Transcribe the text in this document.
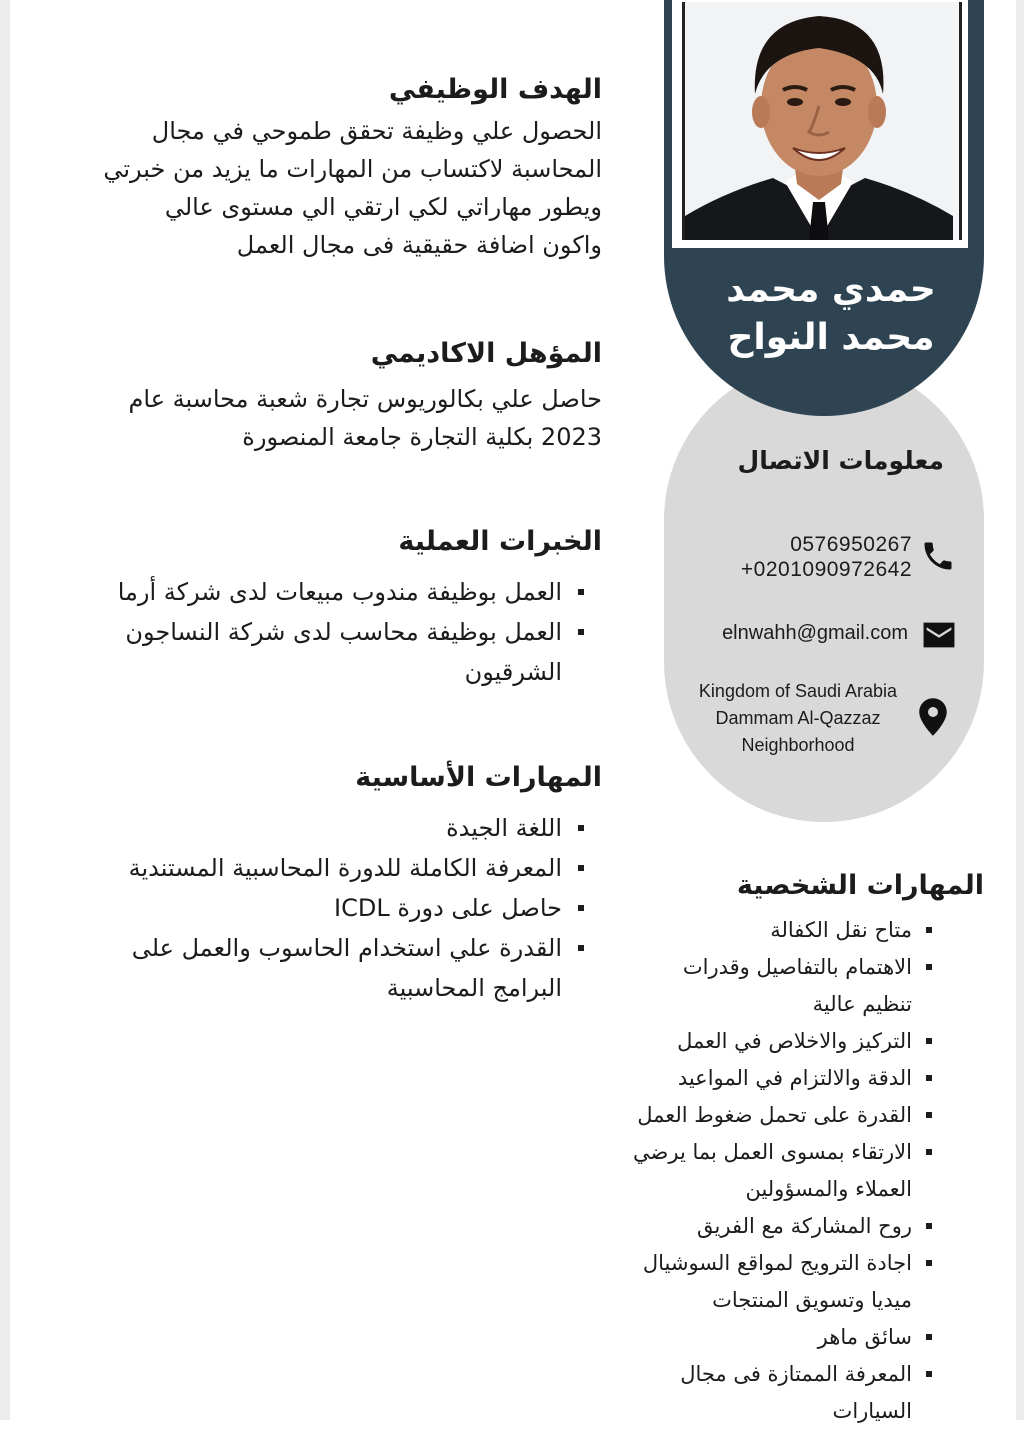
حمدي محمد
محمد النواح
معلومات الاتصال
0576950267
+0201090972642
elnwahh@gmail.com
Kingdom of Saudi Arabia
Dammam Al-Qazzaz
Neighborhood
الهدف الوظيفي

الحصول علي وظيفة تحقق طموحي في مجال

المحاسبة لاكتساب من المهارات ما يزيد من خبرتي

ويطور مهاراتي لكي ارتقي الي مستوى عالي

واكون اضافة حقيقية فى مجال العمل

المؤهل الاكاديمي

حاصل علي بكالوريوس تجارة شعبة محاسبة عام

2023 بكلية التجارة جامعة المنصورة

الخبرات العملية
العمل بوظيفة مندوب مبيعات لدى شركة أرما
العمل بوظيفة محاسب لدى شركة النساجون الشرقيون
المهارات الأساسية
اللغة الجيدة
المعرفة الكاملة للدورة المحاسبية المستندية
حاصل على دورة ICDL
القدرة علي استخدام الحاسوب والعمل على البرامج المحاسبية
المهارات الشخصية
متاح نقل الكفالة
الاهتمام بالتفاصيل وقدرات تنظيم عالية
التركيز والاخلاص في العمل
الدقة والالتزام في المواعيد
القدرة على تحمل ضغوط العمل
الارتقاء بمسوى العمل بما يرضي العملاء والمسؤولين
روح المشاركة مع الفريق
اجادة الترويج لمواقع السوشيال ميديا وتسويق المنتجات
سائق ماهر
المعرفة الممتازة فى مجال السيارات
